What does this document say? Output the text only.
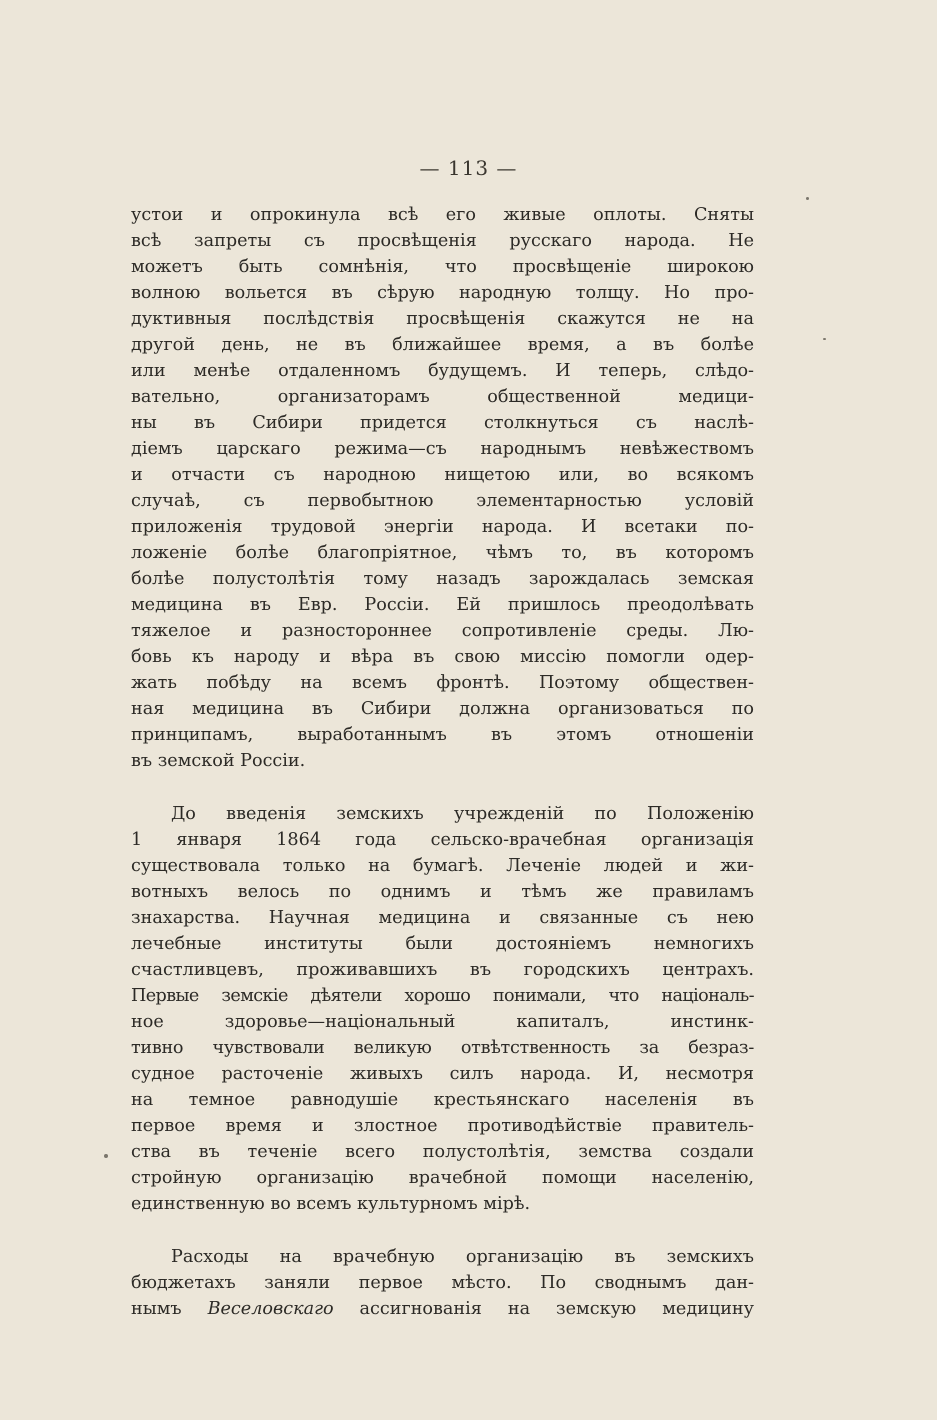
— 113 —
устои и опрокинула всѣ его живые оплоты. Сняты
всѣ запреты съ просвѣщенія русскаго народа. Не
можетъ быть сомнѣнія, что просвѣщеніе широкою
волною вольется въ сѣрую народную толщу. Но про-
дуктивныя послѣдствія просвѣщенія скажутся не на
другой день, не въ ближайшее время, а въ болѣе
или менѣе отдаленномъ будущемъ. И теперь, слѣдо-
вательно, организаторамъ общественной медици-
ны въ Сибири придется столкнуться съ наслѣ-
діемъ царскаго режима—съ народнымъ невѣжествомъ
и отчасти съ народною нищетою или, во всякомъ
случаѣ, съ первобытною элементарностью условій
приложенія трудовой энергіи народа. И всетаки по-
ложеніе болѣе благопріятное, чѣмъ то, въ которомъ
болѣе полустолѣтія тому назадъ зарождалась земская
медицина въ Евр. Россіи. Ей пришлось преодолѣвать
тяжелое и разностороннее сопротивленіе среды. Лю-
бовь къ народу и вѣра въ свою миссію помогли одер-
жать побѣду на всемъ фронтѣ. Поэтому обществен-
ная медицина въ Сибири должна организоваться по
принципамъ, выработаннымъ въ этомъ отношеніи
въ земской Россіи.
До введенія земскихъ учрежденій по Положенію
1 января 1864 года сельско-врачебная организація
существовала только на бумагѣ. Леченіе людей и жи-
вотныхъ велось по однимъ и тѣмъ же правиламъ
знахарства. Научная медицина и связанные съ нею
лечебные институты были достояніемъ немногихъ
счастливцевъ, проживавшихъ въ городскихъ центрахъ.
Первые земскіе дѣятели хорошо понимали, что національ-
ное здоровье—національный капиталъ, инстинк-
тивно чувствовали великую отвѣтственность за безраз-
судное расточеніе живыхъ силъ народа. И, несмотря
на темное равнодушіе крестьянскаго населенія въ
первое время и злостное противодѣйствіе правитель-
ства въ теченіе всего полустолѣтія, земства создали
стройную организацію врачебной помощи населенію,
единственную во всемъ культурномъ мірѣ.
Расходы на врачебную организацію въ земскихъ
бюджетахъ заняли первое мѣсто. По своднымъ дан-
нымъ Веселовскаго ассигнованія на земскую медицину
